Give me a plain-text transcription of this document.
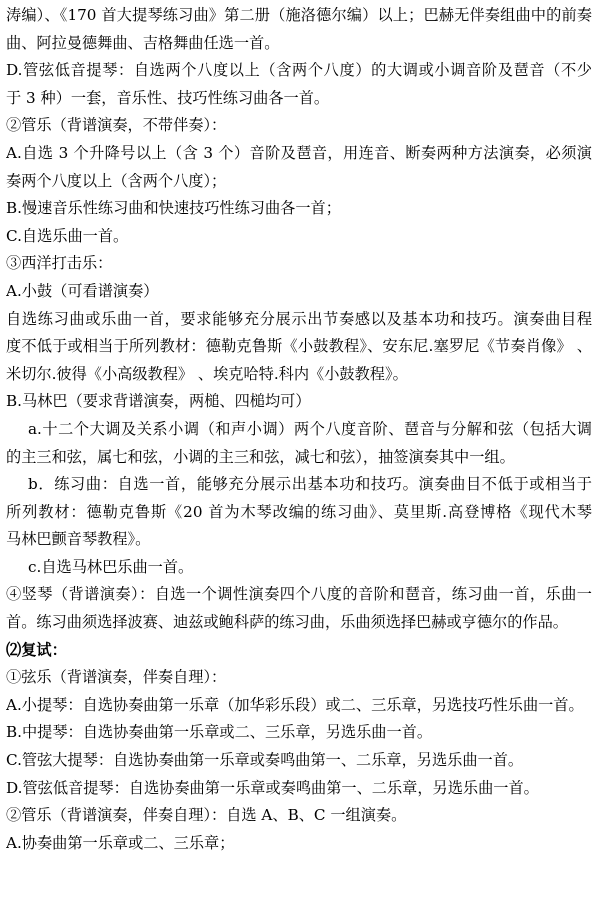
涛编）、《170 首大提琴练习曲》第二册（施洛德尔编）以上；巴赫无伴奏组曲中的前奏
曲、阿拉曼德舞曲、吉格舞曲任选一首。
D.管弦低音提琴：自选两个八度以上（含两个八度）的大调或小调音阶及琶音（不少
于 3 种）一套，音乐性、技巧性练习曲各一首。
②管乐（背谱演奏，不带伴奏）：
A.自选 3 个升降号以上（含 3 个）音阶及琶音，用连音、断奏两种方法演奏，必须演
奏两个八度以上（含两个八度）；
B.慢速音乐性练习曲和快速技巧性练习曲各一首；
C.自选乐曲一首。
③西洋打击乐：
A.小鼓（可看谱演奏）
自选练习曲或乐曲一首，要求能够充分展示出节奏感以及基本功和技巧。演奏曲目程
度不低于或相当于所列教材：德勒克鲁斯《小鼓教程》、安东尼.塞罗尼《节奏肖像》 、
米切尔.彼得《小高级教程》 、埃克哈特.科内《小鼓教程》。
B.马林巴（要求背谱演奏，两槌、四槌均可）
a.十二个大调及关系小调（和声小调）两个八度音阶、琶音与分解和弦（包括大调
的主三和弦，属七和弦，小调的主三和弦，减七和弦），抽签演奏其中一组。
b．练习曲：自选一首，能够充分展示出基本功和技巧。演奏曲目不低于或相当于
所列教材：德勒克鲁斯《20 首为木琴改编的练习曲》、莫里斯.高登博格《现代木琴
马林巴颤音琴教程》。
c.自选马林巴乐曲一首。
④竖琴（背谱演奏）：自选一个调性演奏四个八度的音阶和琶音，练习曲一首，乐曲一
首。练习曲须选择波赛、迪兹或鲍科萨的练习曲，乐曲须选择巴赫或亨德尔的作品。
⑵复试：
①弦乐（背谱演奏，伴奏自理）：
A.小提琴：自选协奏曲第一乐章（加华彩乐段）或二、三乐章，另选技巧性乐曲一首。
B.中提琴：自选协奏曲第一乐章或二、三乐章，另选乐曲一首。
C.管弦大提琴：自选协奏曲第一乐章或奏鸣曲第一、二乐章，另选乐曲一首。
D.管弦低音提琴：自选协奏曲第一乐章或奏鸣曲第一、二乐章，另选乐曲一首。
②管乐（背谱演奏，伴奏自理）：自选 A、B、C 一组演奏。
A.协奏曲第一乐章或二、三乐章；
